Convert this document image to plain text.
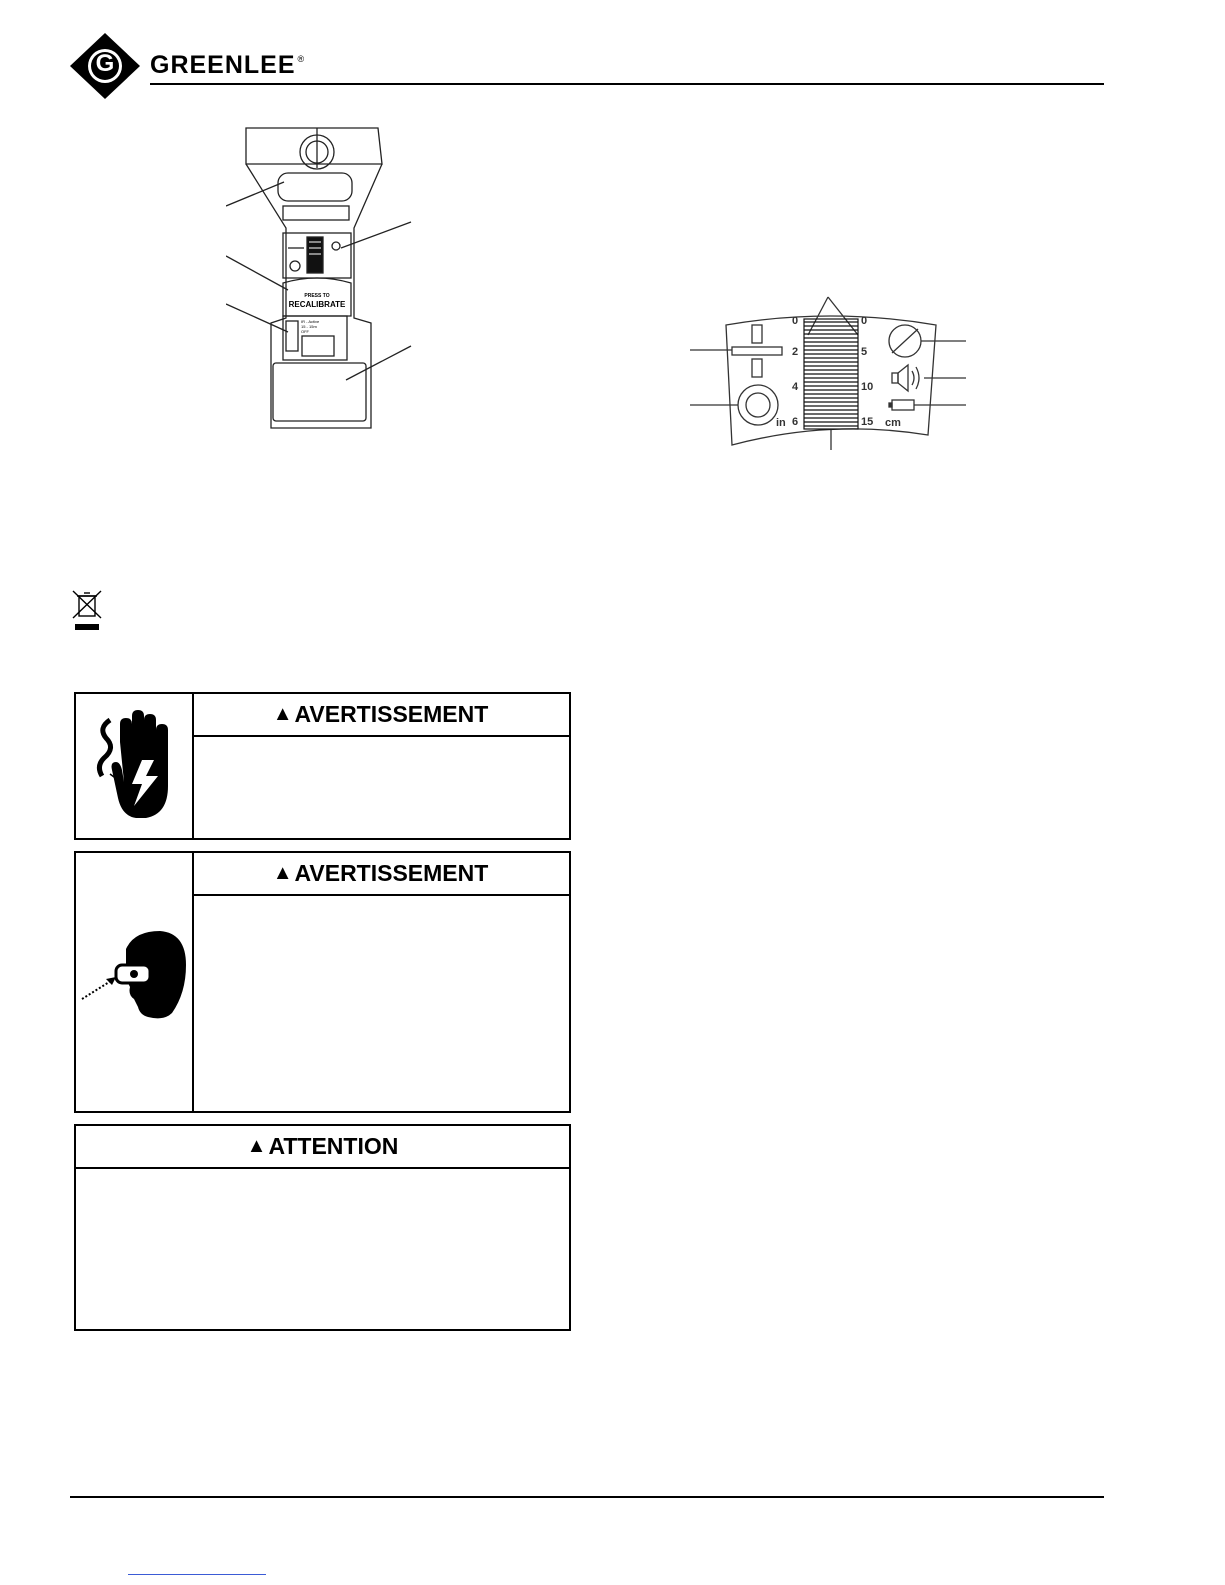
G	GREENLEE ®
PRESS TO
RECALIBRATE
IR - Active
15 - 15m
OFF
0
2
4
6
in
0
5
10
15 cm
▲ AVERTISSEMENT
▲ AVERTISSEMENT
▲ ATTENTION
